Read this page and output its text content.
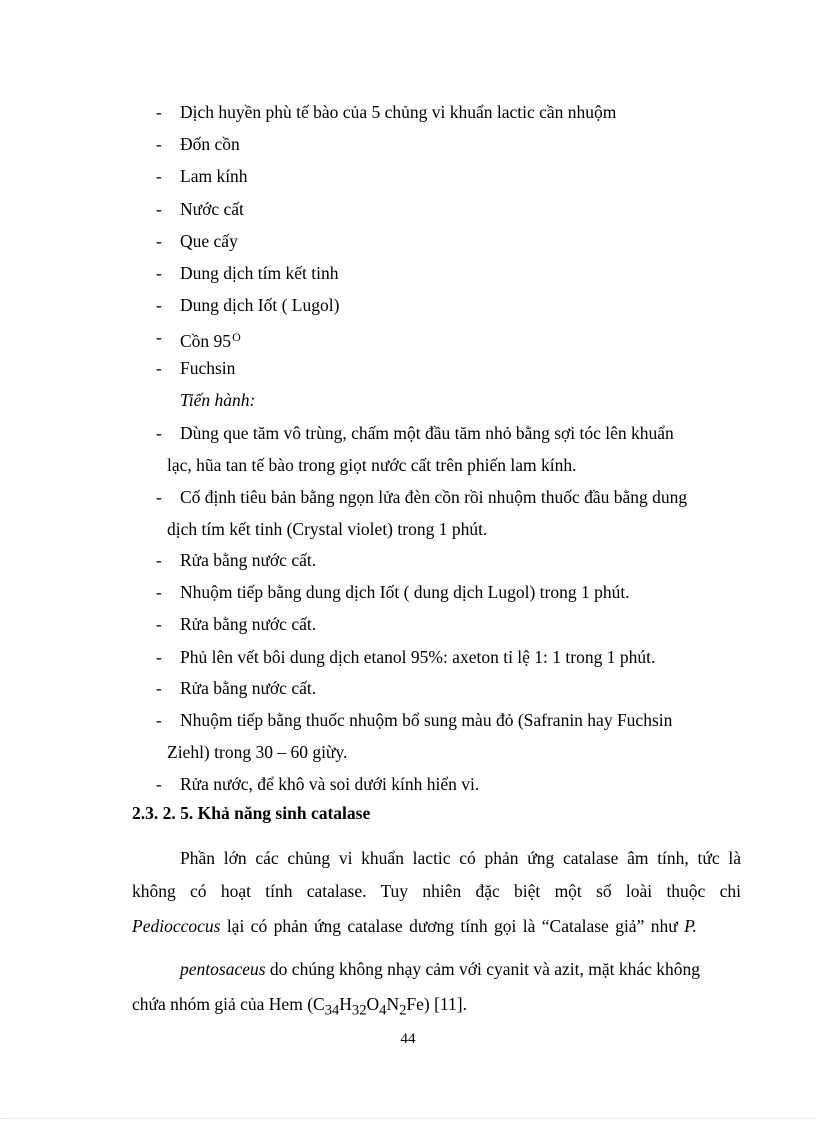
- Dịch huyền phù tế bào của 5 chủng vi khuẩn lactic cần nhuộm
- Đốn cồn
- Lam kính
- Nước cất
- Que cấy
- Dung dịch tím kết tinh
- Dung dịch Iốt ( Lugol)
- Cồn $95^O$
- Fuchsin
Tiến hành:
- Dùng que tăm vô trùng, chấm một đầu tăm nhỏ bằng sợi tóc lên khuẩn
lạc, hũa tan tế bào trong giọt nước cất trên phiến lam kính.
- Cố định tiêu bản bằng ngọn lửa đèn cồn rồi nhuộm thuốc đầu bằng dung
dịch tím kết tinh (Crystal violet) trong 1 phút.
- Rửa bằng nước cất.
- Nhuộm tiếp bằng dung dịch Iốt ( dung dịch Lugol) trong 1 phút.
- Rửa bằng nước cất.
- Phủ lên vết bôi dung dịch etanol 95%: axeton tỉ lệ 1: 1 trong 1 phút.
- Rửa bằng nước cất.
- Nhuộm tiếp bằng thuốc nhuộm bổ sung màu đỏ (Safranin hay Fuchsin
Ziehl) trong 30 – 60 giừy.
- Rửa nước, để khô và soi dưới kính hiển vi.
2.3. 2. 5. Khả năng sinh catalase
Phần lớn các chủng vi khuẩn lactic có phản ứng catalase âm tính, tức là
không có hoạt tính catalase. Tuy nhiên đặc biệt một số loài thuộc chi
Pedioccocus lại có phản ứng catalase dương tính gọi là “Catalase giả” như P.
pentosaceus do chúng không nhạy cảm với cyanit và azit, mặt khác không
chứa nhóm giả của Hem $(C_{34}H_{32}O_4N_2Fe)$ [11].
44
